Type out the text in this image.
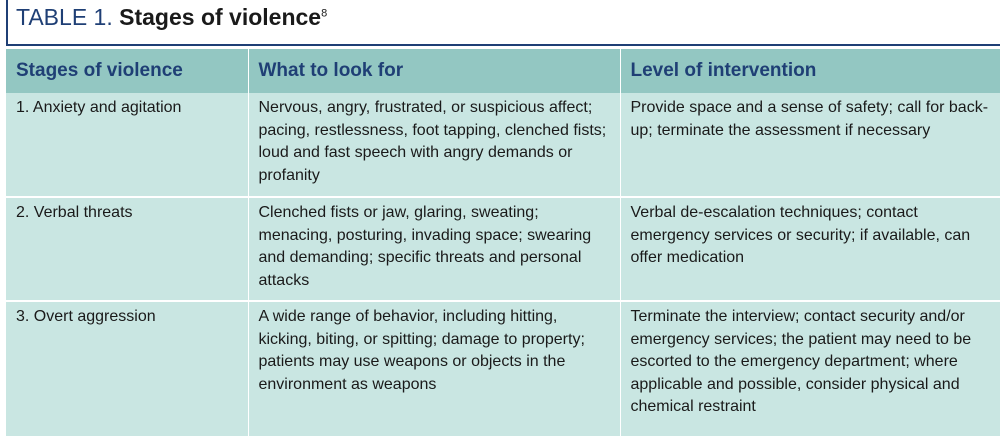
TABLE 1. Stages of violence$^8$
Stages of violence	What to look for	Level of intervention
1. Anxiety and agitation	Nervous, angry, frustrated, or suspicious affect; pacing, restlessness, foot tapping, clenched fists; loud and fast speech with angry demands or profanity	Provide space and a sense of safety; call for back-up; terminate the assessment if necessary
2. Verbal threats	Clenched fists or jaw, glaring, sweating; menacing, posturing, invading space; swearing and demanding; specific threats and personal attacks	Verbal de-escalation techniques; contact emergency services or security; if available, can offer medication
3. Overt aggression	A wide range of behavior, including hitting, kicking, biting, or spitting; damage to property; patients may use weapons or objects in the environment as weapons	Terminate the interview; contact security and/or emergency services; the patient may need to be escorted to the emergency department; where applicable and possible, consider physical and chemical restraint
